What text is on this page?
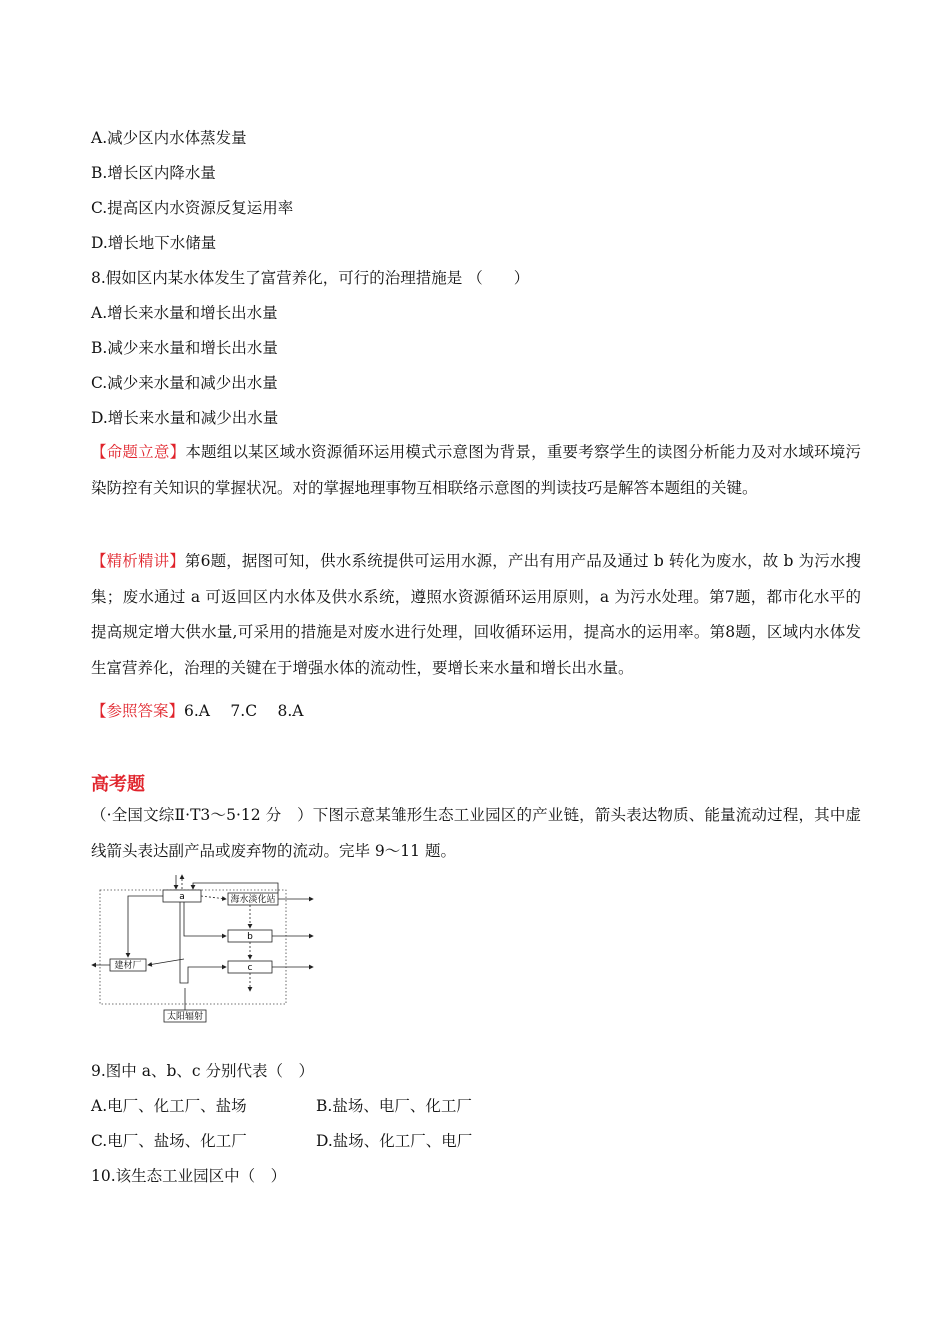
A.减少区内水体蒸发量
B.增长区内降水量
C.提高区内水资源反复运用率
D.增长地下水储量
8.假如区内某水体发生了富营养化，可行的治理措施是 （　　）
A.增长来水量和增长出水量
B.减少来水量和增长出水量
C.减少来水量和减少出水量
D.增长来水量和减少出水量
【命题立意】本题组以某区域水资源循环运用模式示意图为背景，重要考察学生的读图分析能力及对水域环境污染防控有关知识的掌握状况。对的掌握地理事物互相联络示意图的判读技巧是解答本题组的关键。
【精析精讲】第6题，据图可知，供水系统提供可运用水源，产出有用产品及通过 b 转化为废水，故 b 为污水搜集；废水通过 a 可返回区内水体及供水系统，遵照水资源循环运用原则，a 为污水处理。第7题，都市化水平的提高规定增大供水量,可采用的措施是对废水进行处理，回收循环运用，提高水的运用率。第8题，区域内水体发生富营养化，治理的关键在于增强水体的流动性，要增长来水量和增长出水量。
【参照答案】6.A　 7.C　 8.A
高考题
（·全国文综Ⅱ·T3～5·12 分　）下图示意某雏形生态工业园区的产业链，箭头表达物质、能量流动过程，其中虚线箭头表达副产品或废弃物的流动。完毕 9～11 题。
a	海水淡化站
b
c
建材厂
太阳辐射
9.图中 a、b、c 分别代表（　）
A.电厂、化工厂、盐场	B.盐场、电厂、化工厂
C.电厂、盐场、化工厂	D.盐场、化工厂、电厂
10.该生态工业园区中（　）
